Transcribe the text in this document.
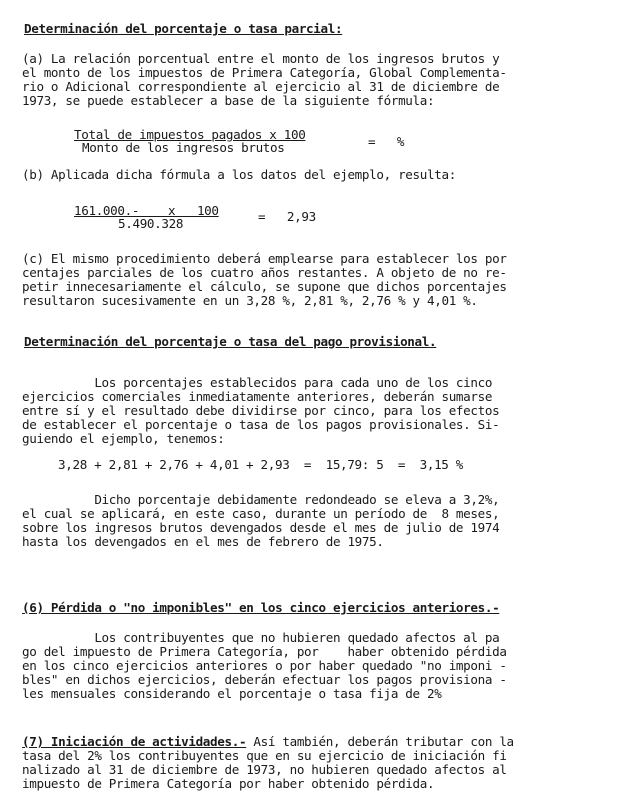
Determinación del porcentaje o tasa parcial:
(a) La relación porcentual entre el monto de los ingresos brutos y
el monto de los impuestos de Primera Categoría, Global Complementa-
rio o Adicional correspondiente al ejercicio al 31 de diciembre de
1973, se puede establecer a base de la siguiente fórmula:
Total de impuestos pagados x 100
Monto de los ingresos brutos	=   %
(b) Aplicada dicha fórmula a los datos del ejemplo, resulta:
161.000.-    x   100
5.490.328	=   2,93
(c) El mismo procedimiento deberá emplearse para establecer los por
centajes parciales de los cuatro años restantes. A objeto de no re-
petir innecesariamente el cálculo, se supone que dichos porcentajes
resultaron sucesivamente en un 3,28 %, 2,81 %, 2,76 % y 4,01 %.
Determinación del porcentaje o tasa del pago provisional.
Los porcentajes establecidos para cada uno de los cinco
ejercicios comerciales inmediatamente anteriores, deberán sumarse
entre sí y el resultado debe dividirse por cinco, para los efectos
de establecer el porcentaje o tasa de los pagos provisionales. Si-
guiendo el ejemplo, tenemos:
3,28 + 2,81 + 2,76 + 4,01 + 2,93  =  15,79: 5  =  3,15 %
Dicho porcentaje debidamente redondeado se eleva a 3,2%,
el cual se aplicará, en este caso, durante un período de  8 meses,
sobre los ingresos brutos devengados desde el mes de julio de 1974
hasta los devengados en el mes de febrero de 1975.
(6) Pérdida o "no imponibles" en los cinco ejercicios anteriores.-
Los contribuyentes que no hubieren quedado afectos al pa
go del impuesto de Primera Categoría, por    haber obtenido pérdida
en los cinco ejercicios anteriores o por haber quedado "no imponi -
bles" en dichos ejercicios, deberán efectuar los pagos provisiona -
les mensuales considerando el porcentaje o tasa fija de 2%
(7) Iniciación de actividades.- Así también, deberán tributar con la
tasa del 2% los contribuyentes que en su ejercicio de iniciación fi
nalizado al 31 de diciembre de 1973, no hubieren quedado afectos al
impuesto de Primera Categoría por haber obtenido pérdida.
